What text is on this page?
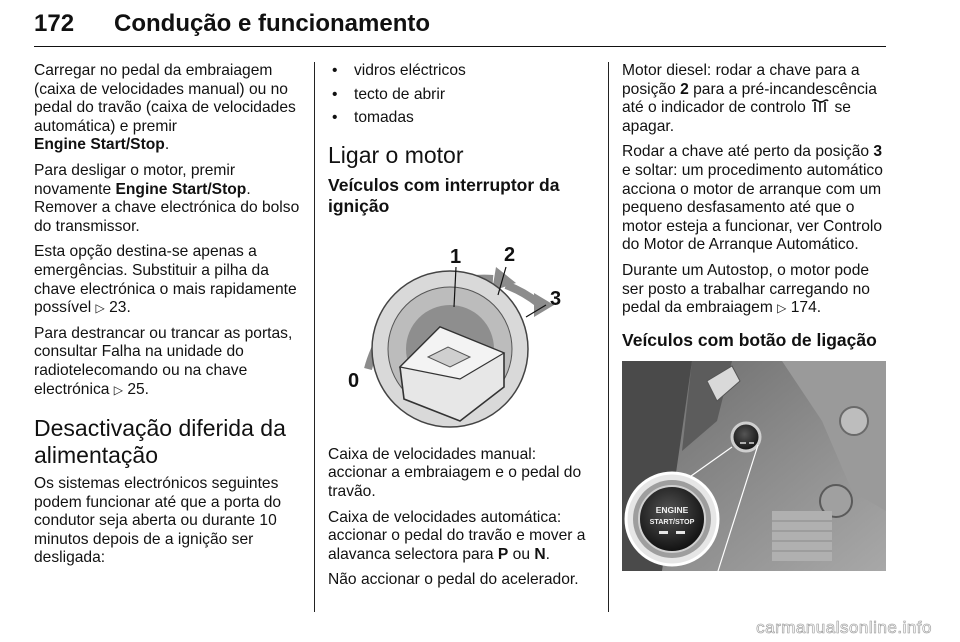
172 Condução e funcionamento

Carregar no pedal da embraiagem (caixa de velocidades manual) ou no pedal do travão (caixa de velocidades automática) e premir
Engine Start/Stop.

Para desligar o motor, premir novamente Engine Start/Stop. Remover a chave electrónica do bolso do transmissor.

Esta opção destina-se apenas a emergências. Substituir a pilha da chave electrónica o mais rapidamente possível ▷ 23.

Para destrancar ou trancar as portas, consultar Falha na unidade do radiotelecomando ou na chave electrónica ▷ 25.

Desactivação diferida da alimentação

Os sistemas electrónicos seguintes podem funcionar até que a porta do condutor seja aberta ou durante 10 minutos depois de a ignição ser desligada:

• vidros eléctricos
• tecto de abrir
• tomadas
Ligar o motor
Veículos com interruptor da ignição
0
1 2
3

Caixa de velocidades manual: accionar a embraiagem e o pedal do travão.

Caixa de velocidades automática: accionar o pedal do travão e mover a alavanca selectora para P ou N.

Não accionar o pedal do acelerador.

Motor diesel: rodar a chave para a posição 2 para a pré-incandescência até o indicador de controlo  se apagar.

Rodar a chave até perto da posição 3 e soltar: um procedimento automático acciona o motor de arranque com um pequeno desfasamento até que o motor esteja a funcionar, ver Controlo do Motor de Arranque Automático.

Durante um Autostop, o motor pode ser posto a trabalhar carregando no pedal da embraiagem ▷ 174.

Veículos com botão de ligação
ENGINE
START/STOP
carmanualsonline.info
